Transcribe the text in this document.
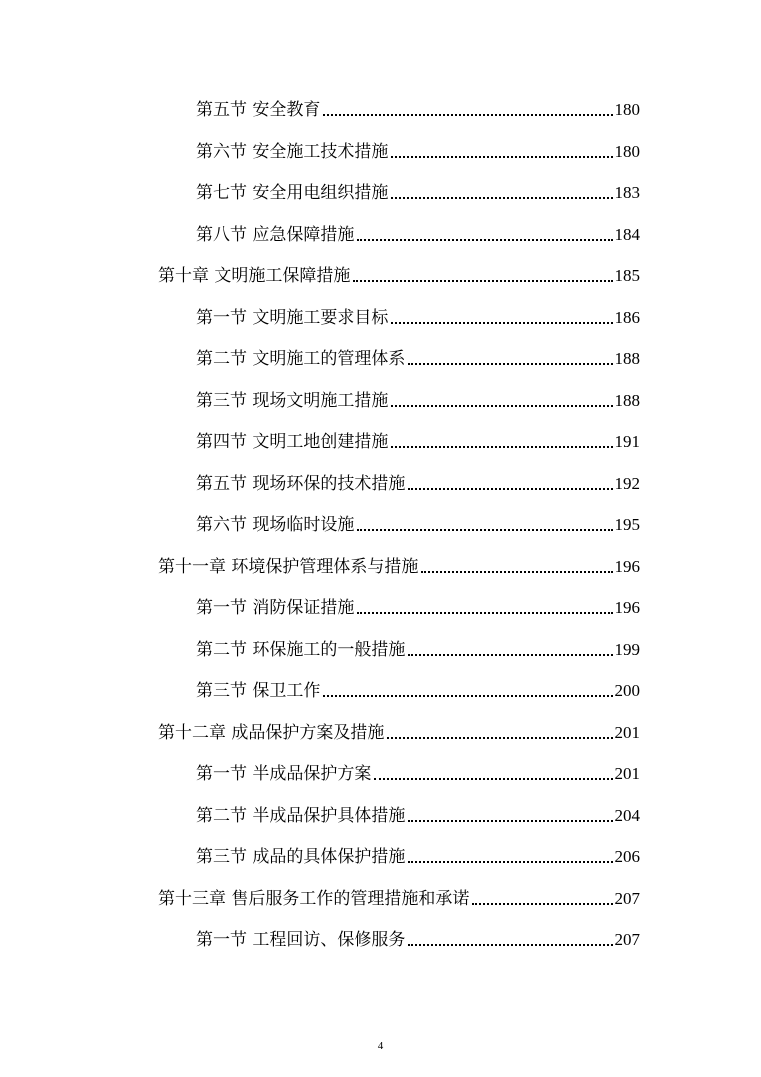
第五节 安全教育	180
第六节 安全施工技术措施	180
第七节 安全用电组织措施	183
第八节 应急保障措施	184
第十章 文明施工保障措施	185
第一节 文明施工要求目标	186
第二节 文明施工的管理体系	188
第三节 现场文明施工措施	188
第四节 文明工地创建措施	191
第五节 现场环保的技术措施	192
第六节 现场临时设施	195
第十一章 环境保护管理体系与措施	196
第一节 消防保证措施	196
第二节 环保施工的一般措施	199
第三节 保卫工作	200
第十二章 成品保护方案及措施	201
第一节 半成品保护方案	201
第二节 半成品保护具体措施	204
第三节 成品的具体保护措施	206
第十三章 售后服务工作的管理措施和承诺	207
第一节 工程回访、保修服务	207
4
